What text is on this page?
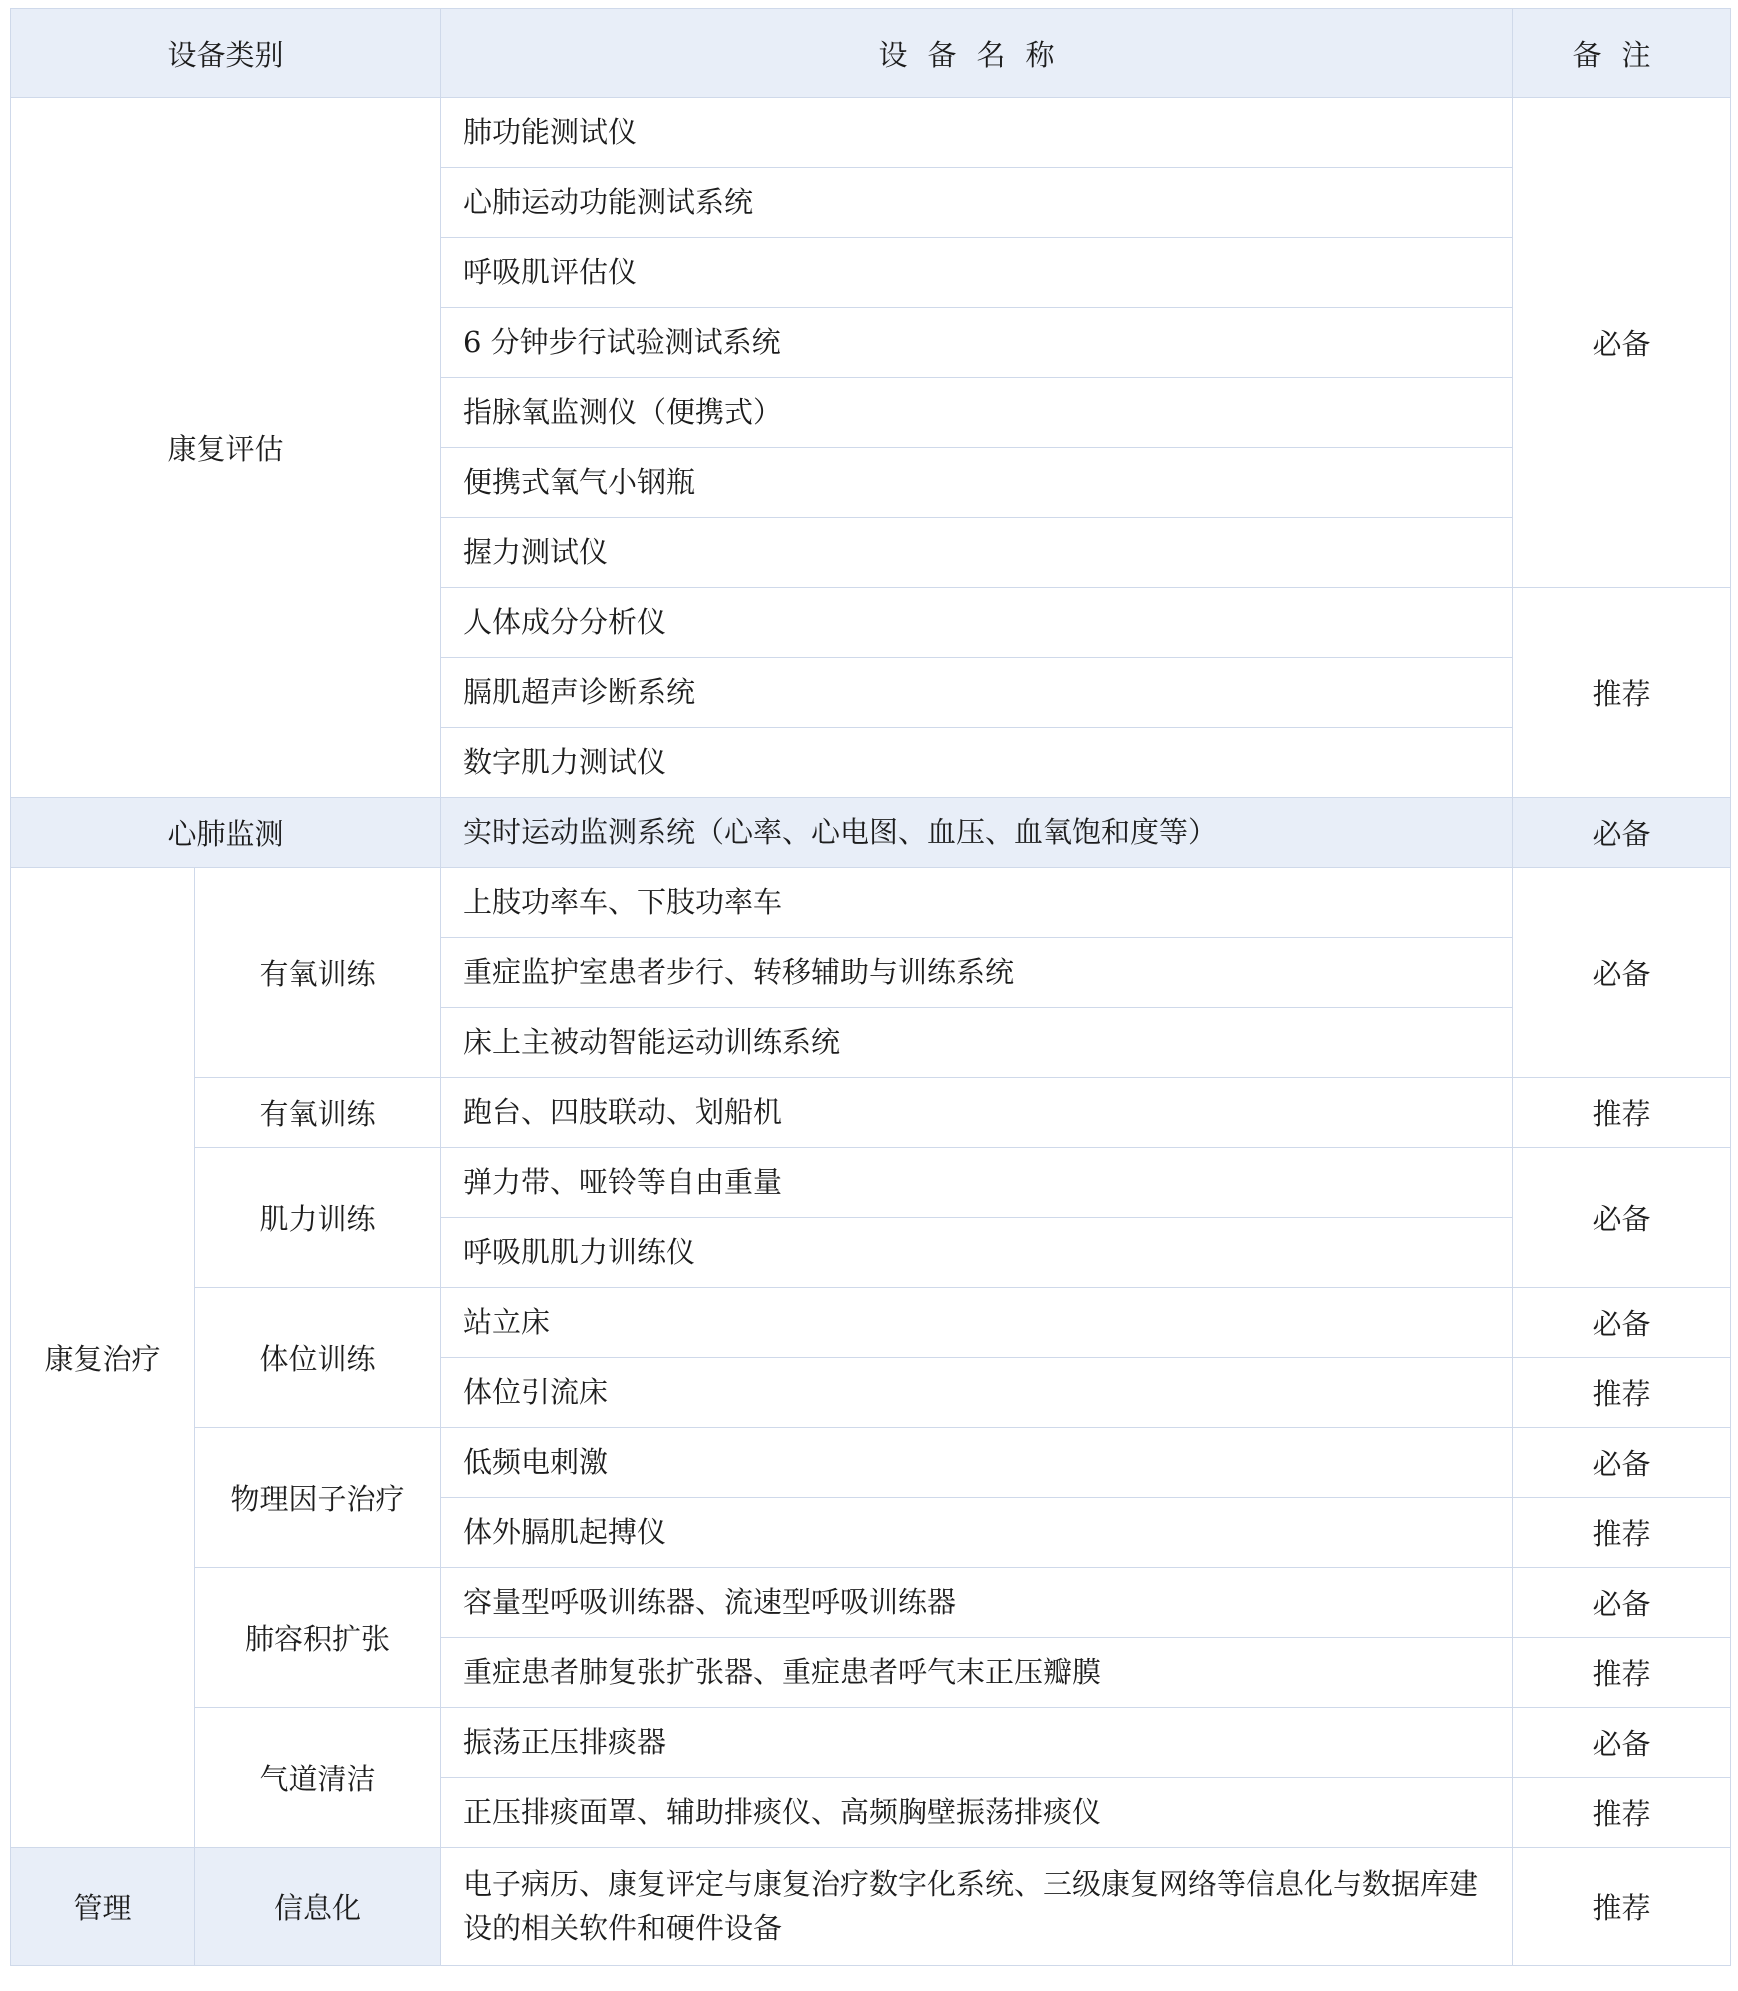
设备类别		设备名称	备注
康复评估		肺功能测试仪	必备
		心肺运动功能测试系统	
		呼吸肌评估仪	
		6 分钟步行试验测试系统	
		指脉氧监测仪（便携式）	
		便携式氧气小钢瓶	
		握力测试仪	
		人体成分分析仪	推荐
		膈肌超声诊断系统	
		数字肌力测试仪	
心肺监测		实时运动监测系统（心率、心电图、血压、血氧饱和度等）	必备
康复治疗	有氧训练	上肢功率车、下肢功率车	必备
		重症监护室患者步行、转移辅助与训练系统	
		床上主被动智能运动训练系统	
	有氧训练	跑台、四肢联动、划船机	推荐
	肌力训练	弹力带、哑铃等自由重量	必备
		呼吸肌肌力训练仪	
	体位训练	站立床	必备
		体位引流床	推荐
	物理因子治疗	低频电刺激	必备
		体外膈肌起搏仪	推荐
	肺容积扩张	容量型呼吸训练器、流速型呼吸训练器	必备
		重症患者肺复张扩张器、重症患者呼气末正压瓣膜	推荐
	气道清洁	振荡正压排痰器	必备
		正压排痰面罩、辅助排痰仪、高频胸壁振荡排痰仪	推荐
管理	信息化	电子病历、康复评定与康复治疗数字化系统、三级康复网络等信息化与数据库建设的相关软件和硬件设备	推荐
